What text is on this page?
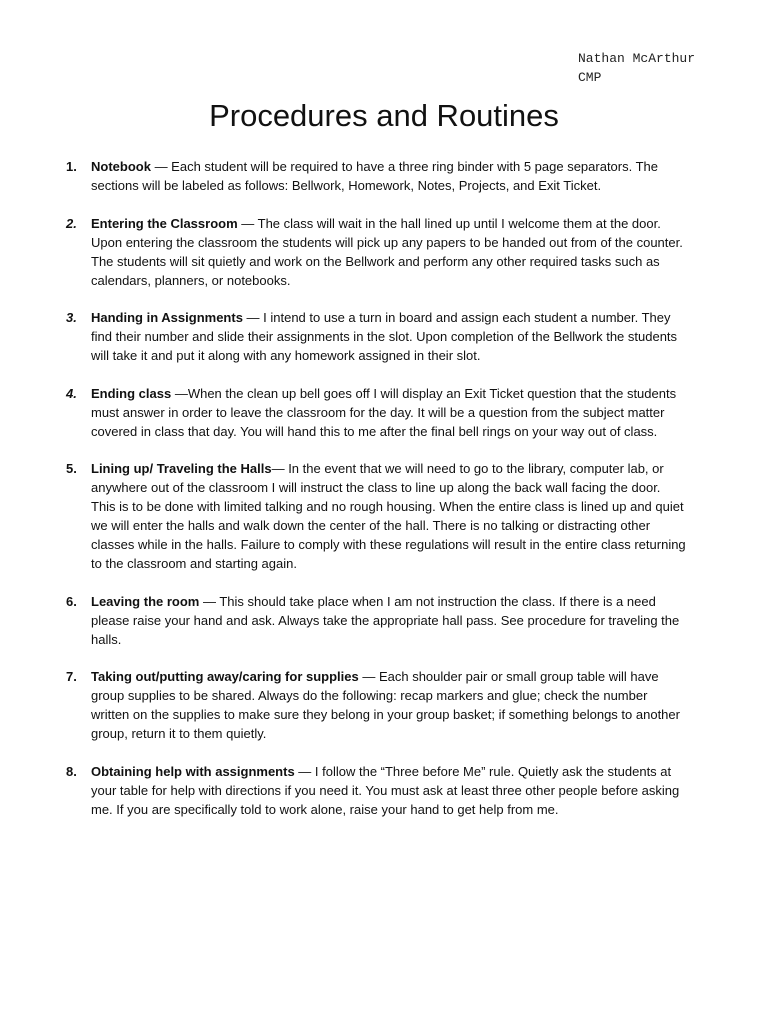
Nathan McArthur
CMP
Procedures and Routines
1. Notebook — Each student will be required to have a three ring binder with 5 page separators. The sections will be labeled as follows: Bellwork, Homework, Notes, Projects, and Exit Ticket.
2. Entering the Classroom — The class will wait in the hall lined up until I welcome them at the door. Upon entering the classroom the students will pick up any papers to be handed out from of the counter. The students will sit quietly and work on the Bellwork and perform any other required tasks such as calendars, planners, or notebooks.
3. Handing in Assignments — I intend to use a turn in board and assign each student a number. They find their number and slide their assignments in the slot. Upon completion of the Bellwork the students will take it and put it along with any homework assigned in their slot.
4. Ending class —When the clean up bell goes off I will display an Exit Ticket question that the students must answer in order to leave the classroom for the day. It will be a question from the subject matter covered in class that day. You will hand this to me after the final bell rings on your way out of class.
5. Lining up/ Traveling the Halls— In the event that we will need to go to the library, computer lab, or anywhere out of the classroom I will instruct the class to line up along the back wall facing the door. This is to be done with limited talking and no rough housing. When the entire class is lined up and quiet we will enter the halls and walk down the center of the hall. There is no talking or distracting other classes while in the halls. Failure to comply with these regulations will result in the entire class returning to the classroom and starting again.
6. Leaving the room — This should take place when I am not instruction the class. If there is a need please raise your hand and ask. Always take the appropriate hall pass. See procedure for traveling the halls.
7. Taking out/putting away/caring for supplies — Each shoulder pair or small group table will have group supplies to be shared. Always do the following: recap markers and glue; check the number written on the supplies to make sure they belong in your group basket; if something belongs to another group, return it to them quietly.
8. Obtaining help with assignments — I follow the “Three before Me” rule. Quietly ask the students at your table for help with directions if you need it. You must ask at least three other people before asking me. If you are specifically told to work alone, raise your hand to get help from me.
